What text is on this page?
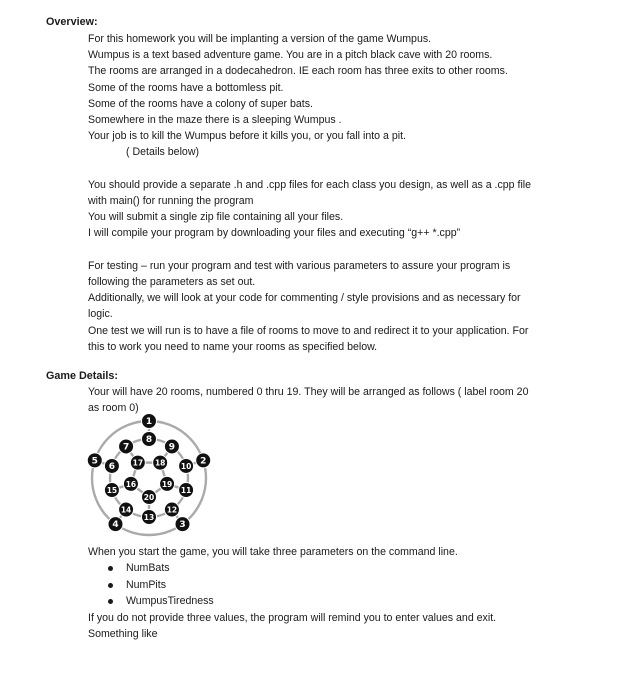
Overview:

For this homework you will be implanting a version of the game Wumpus.

Wumpus is a text based adventure game. You are in a pitch black cave with 20 rooms.

The rooms are arranged in a dodecahedron. IE each room has three exits to other rooms.

Some of the rooms have a bottomless pit.

Some of the rooms have a colony of super bats.

Somewhere in the maze there is a sleeping Wumpus .

Your job is to kill the Wumpus before it kills you, or you fall into a pit.

( Details below)

You should provide a separate .h and .cpp files for each class you design, as well as a .cpp file

with main() for running the program

You will submit a single zip file containing all your files.

I will compile your program by downloading your files and executing “g++ *.cpp”

For testing – run your program and test with various parameters to assure your program is

following the parameters as set out.

Additionally, we will look at your code for commenting / style provisions and as necessary for

logic.

One test we will run is to have a file of rooms to move to and redirect it to your application. For

this to work you need to name your rooms as specified below.

Game Details:

Your will have 20 rooms, numbered 0 thru 19. They will be arranged as follows ( label room 20

as room 0)

1
2
3
4
5
8
9
10
11
12
13
14
15
6
7
18
19
20
16
17

When you start the game, you will take three parameters on the command line.

NumBats
NumPits
WumpusTiredness

If you do not provide three values, the program will remind you to enter values and exit.

Something like
